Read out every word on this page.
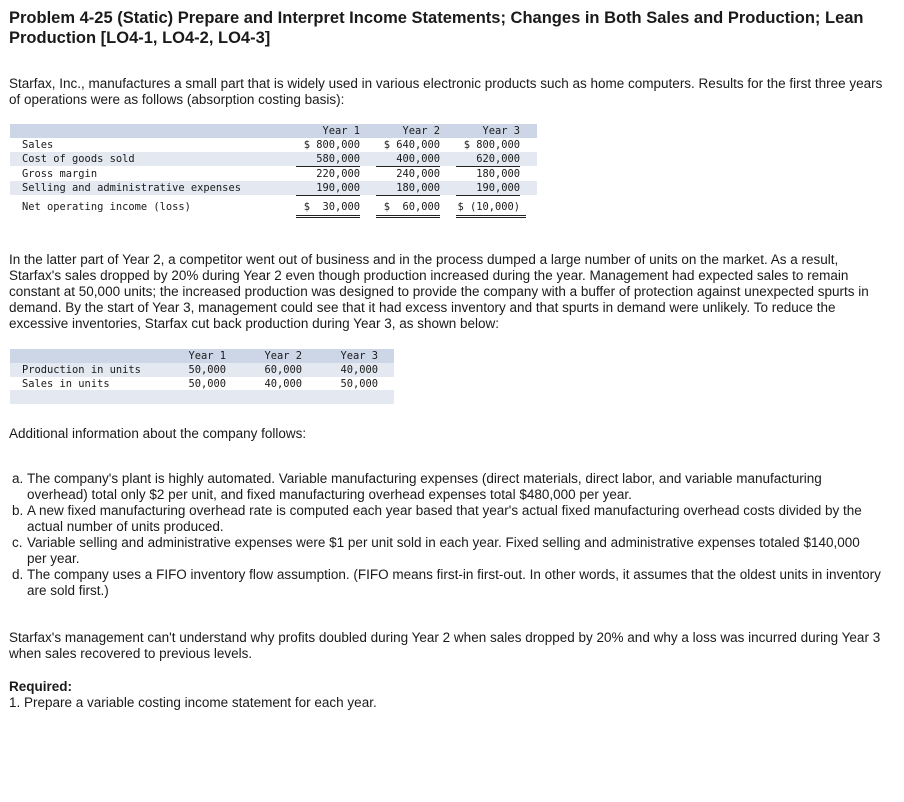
Problem 4-25 (Static) Prepare and Interpret Income Statements; Changes in Both Sales and Production; Lean Production [LO4-1, LO4-2, LO4-3]

Starfax, Inc., manufactures a small part that is widely used in various electronic products such as home computers. Results for the first three years of operations were as follows (absorption costing basis):

Year 1	Year 2	Year 3
Sales	$ 800,000 $ 640,000 $ 800,000
Cost of goods sold	580,000	400,000	620,000
Gross margin	220,000	240,000	180,000
Selling and administrative expenses	190,000	180,000	190,000
Net operating income (loss)	$  30,000 $  60,000 $ (10,000)

In the latter part of Year 2, a competitor went out of business and in the process dumped a large number of units on the market. As a result, Starfax's sales dropped by 20% during Year 2 even though production increased during the year. Management had expected sales to remain constant at 50,000 units; the increased production was designed to provide the company with a buffer of protection against unexpected spurts in demand. By the start of Year 3, management could see that it had excess inventory and that spurts in demand were unlikely. To reduce the excessive inventories, Starfax cut back production during Year 3, as shown below:

Year 1	Year 2	Year 3
Production in units	50,000	60,000	40,000
Sales in units	50,000	40,000	50,000

Additional information about the company follows:

a. The company's plant is highly automated. Variable manufacturing expenses (direct materials, direct labor, and variable manufacturing overhead) total only $2 per unit, and fixed manufacturing overhead expenses total $480,000 per year.
b. A new fixed manufacturing overhead rate is computed each year based that year's actual fixed manufacturing overhead costs divided by the actual number of units produced.
c. Variable selling and administrative expenses were $1 per unit sold in each year. Fixed selling and administrative expenses totaled $140,000 per year.
d. The company uses a FIFO inventory flow assumption. (FIFO means first-in first-out. In other words, it assumes that the oldest units in inventory are sold first.)

Starfax's management can't understand why profits doubled during Year 2 when sales dropped by 20% and why a loss was incurred during Year 3 when sales recovered to previous levels.

Required:

1. Prepare a variable costing income statement for each year.
